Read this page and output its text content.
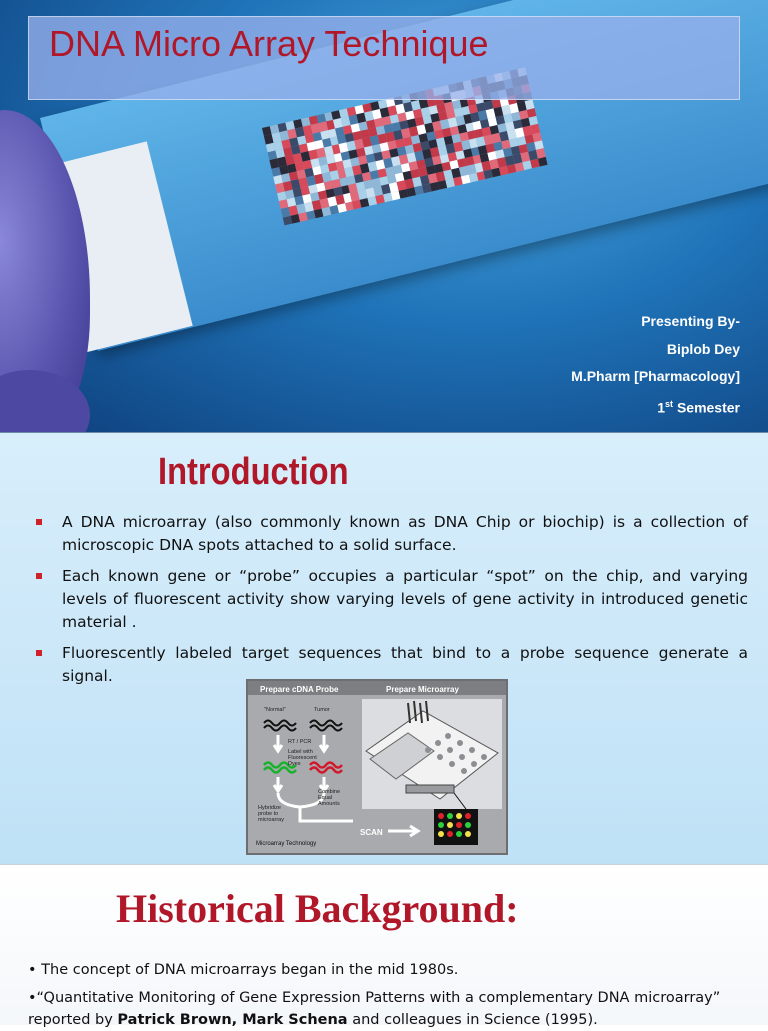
DNA Micro Array Technique
Presenting By-
Biplob Dey
M.Pharm [Pharmacology]
1st Semester
Introduction
A DNA microarray (also commonly known as DNA Chip or biochip) is a collection of microscopic DNA spots attached to a solid surface.
Each known gene or “probe” occupies a particular “spot” on the chip, and varying levels of fluorescent activity show varying levels of gene activity in introduced genetic material .
Fluorescently labeled target sequences that bind to a probe sequence generate a signal.
Prepare cDNA Probe	Prepare Microarray
"Normal"	Tumor
RT / PCR
Label with Fluorescent Dyes
Combine Equal Amounts
Hybridize probe to microarray
SCAN
Microarray Technology
Historical Background:
• The concept of DNA microarrays began in the mid 1980s.
•“Quantitative Monitoring of Gene Expression Patterns with a complementary DNA microarray” reported by Patrick Brown, Mark Schena and colleagues in Science (1995).
